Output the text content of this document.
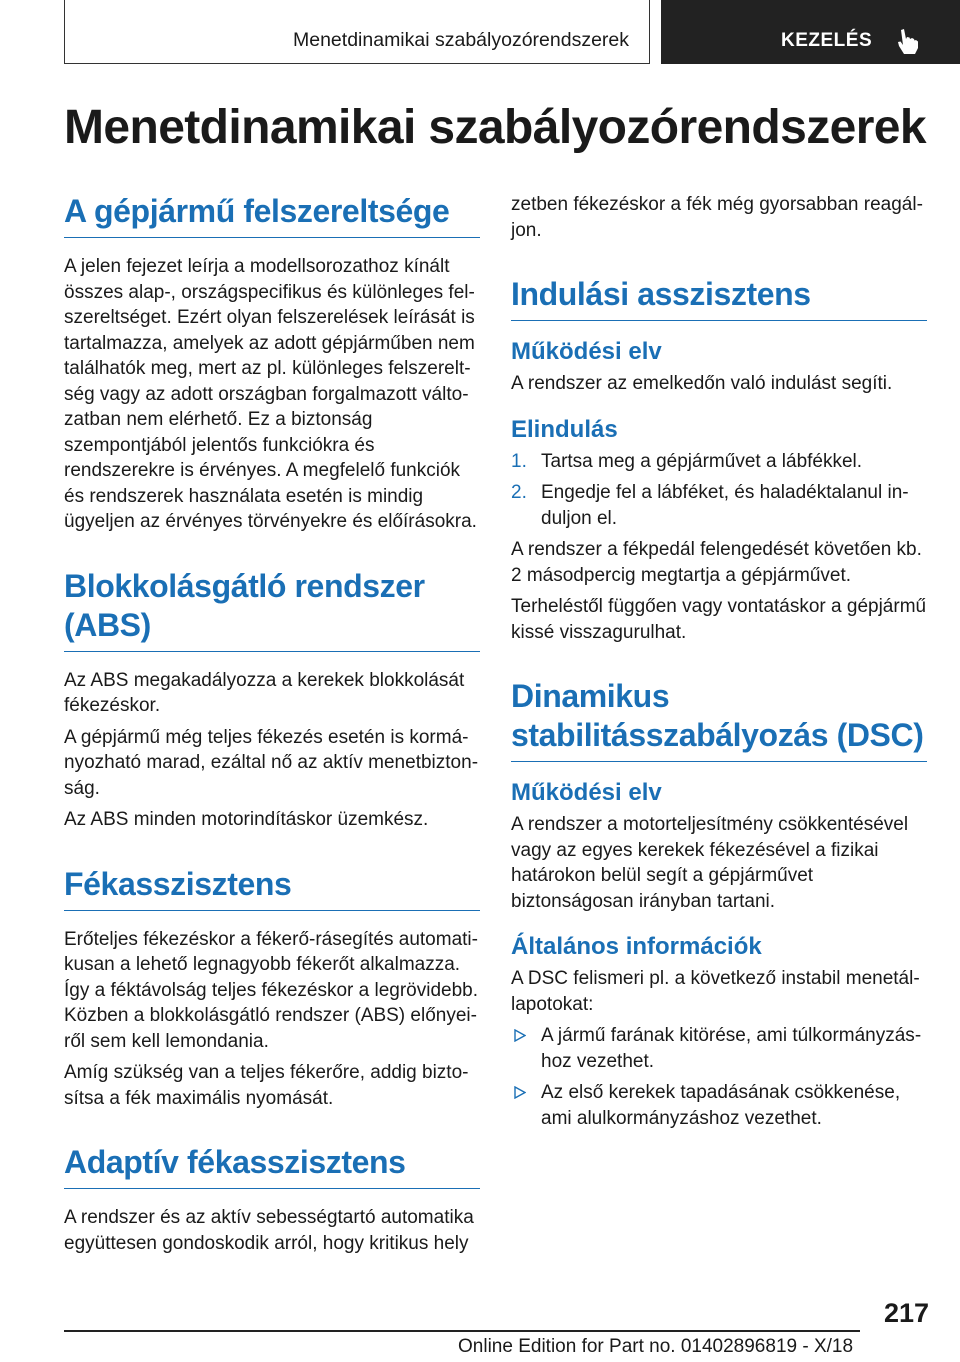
Menetdinamikai szabályozórendszerek	KEZELÉS
Menetdinamikai szabályozórendszerek
A gépjármű felszereltsége

A jelen fejezet leírja a modellsorozathoz kínált összes alap-, országspecifikus és különleges felszereltséget. Ezért olyan felszerelések leírását is tartalmazza, amelyek az adott gépjárműben nem találhatók meg, mert az pl. különleges felszereltség vagy az adott országban forgalmazott változatban nem elérhető. Ez a biztonság szempontjából jelentős funkciókra és rendszerekre is érvényes. A megfelelő funkciók és rendszerek használata esetén is mindig ügyeljen az érvényes törvényekre és előírásokra.

Blokkolásgátló rendszer (ABS)

Az ABS megakadályozza a kerekek blokkolását fékezéskor.

A gépjármű még teljes fékezés esetén is kormányozható marad, ezáltal nő az aktív menetbiztonság.

Az ABS minden motorindításkor üzemkész.

Fékasszisztens

Erőteljes fékezéskor a fékerő-rásegítés automatikusan a lehető legnagyobb fékerőt alkalmazza. Így a féktávolság teljes fékezéskor a legrövidebb. Közben a blokkolásgátló rendszer (ABS) előnyeiről sem kell lemondania.

Amíg szükség van a teljes fékerőre, addig biztosítsa a fék maximális nyomását.

Adaptív fékasszisztens

A rendszer és az aktív sebességtartó automatika együttesen gondoskodik arról, hogy kritikus hely

zetben fékezéskor a fék még gyorsabban reagáljon.

Indulási asszisztens
Működési elv

A rendszer az emelkedőn való indulást segíti.

Elindulás
1. Tartsa meg a gépjárművet a lábfékkel.
2. Engedje fel a lábféket, és haladéktalanul induljon el.

A rendszer a fékpedál felengedését követően kb. 2 másodpercig megtartja a gépjárművet.

Terheléstől függően vagy vontatáskor a gépjármű kissé visszagurulhat.

Dinamikus stabilitásszabályozás (DSC)
Működési elv

A rendszer a motorteljesítmény csökkentésével vagy az egyes kerekek fékezésével a fizikai határokon belül segít a gépjárművet biztonságosan irányban tartani.

Általános információk

A DSC felismeri pl. a következő instabil menetállapotokat:

A jármű farának kitörése, ami túlkormányzáshoz vezethet.
Az első kerekek tapadásának csökkenése, ami alulkormányzáshoz vezethet.
217
Online Edition for Part no. 01402896819 - X/18
